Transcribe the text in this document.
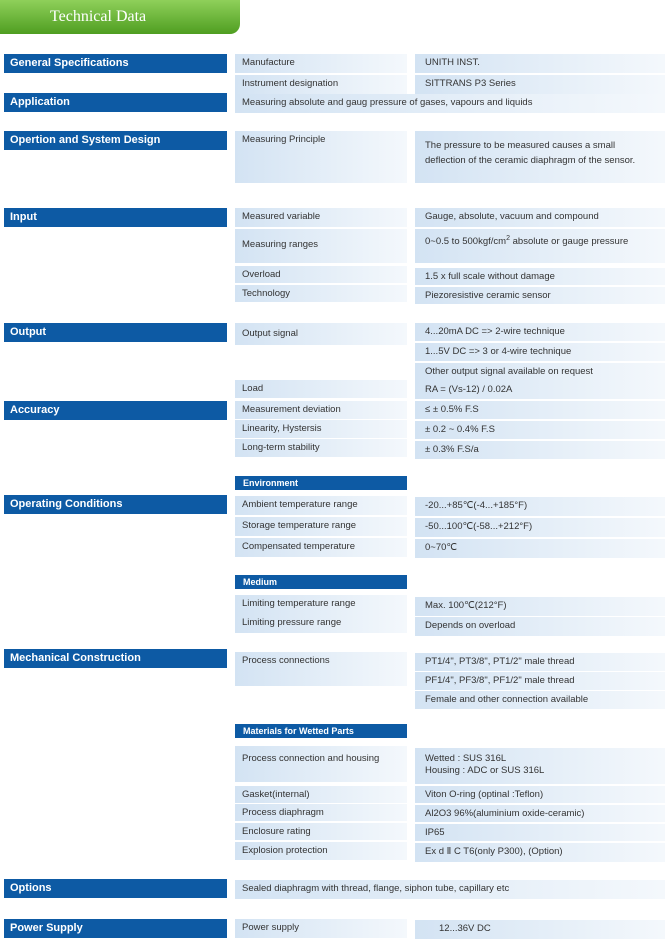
Technical Data
General Specifications	Manufacture	UNITH INST.
Instrument designation	SITTRANS P3 Series
Application	Measuring absolute and gaug pressure of gases, vapours and liquids
Opertion and System Design	Measuring Principle
The pressure to be measured causes a small deflection of the ceramic diaphragm of the sensor.
Input	Measured variable	Gauge, absolute, vacuum and compound
Measuring ranges	0~0.5 to $500kgf/cm^2$ absolute or gauge pressure
Overload	1.5 x full scale without damage
Technology	Piezoresistive ceramic sensor
Output	Output signal	4...20mA DC => 2-wire technique
1...5V DC => 3 or 4-wire technique
Other output signal available on request
Load	RA = (Vs-12) / 0.02A
Accuracy	Measurement deviation	≤ ± 0.5% F.S
Linearity, Hystersis	± 0.2 ~ 0.4% F.S
Long-term stability	± 0.3% F.S/a
Environment
Operating Conditions	Ambient temperature range	-20...+85℃(-4...+185°F)
Storage temperature range	-50...100℃(-58...+212°F)
Compensated temperature	0~70℃
Medium
Limiting temperature range	Max. 100℃(212°F)
Limiting pressure range	Depends on overload
Mechanical Construction	Process connections	PT1/4", PT3/8", PT1/2" male thread
PF1/4", PF3/8", PF1/2" male thread
Female and other connection available
Materials for Wetted Parts
Process connection and housing	Wetted : SUS 316L
Housing : ADC or SUS 316L
Gasket(internal)	Viton O-ring (optinal :Teflon)
Process diaphragm	Al2O3 96%(aluminium oxide-ceramic)
Enclosure rating	IP65
Explosion protection	Ex d Ⅱ C T6(only P300), (Option)
Options	Sealed diaphragm with thread, flange, siphon tube, capillary etc
Power Supply	Power supply	12...36V DC
